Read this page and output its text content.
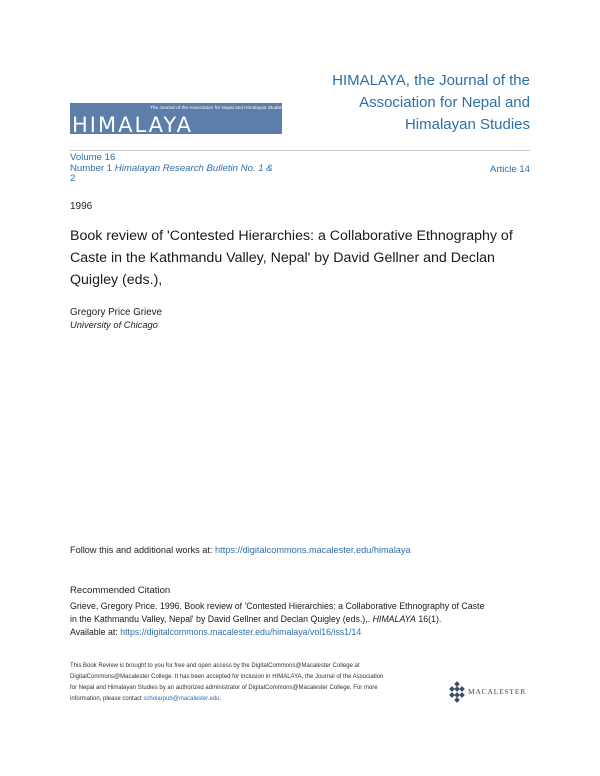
The Journal of the Association for Nepal and Himalayan Studies
HIMALAYA
HIMALAYA, the Journal of the
Association for Nepal and
Himalayan Studies
Volume 16
Number 1 Himalayan Research Bulletin No. 1 &
2
Article 14
1996
Book review of 'Contested Hierarchies: a Collaborative Ethnography of Caste in the Kathmandu Valley, Nepal' by David Gellner and Declan Quigley (eds.),
Gregory Price Grieve
University of Chicago
Follow this and additional works at: https://digitalcommons.macalester.edu/himalaya
Recommended Citation
Grieve, Gregory Price. 1996. Book review of 'Contested Hierarchies: a Collaborative Ethnography of Caste
in the Kathmandu Valley, Nepal' by David Gellner and Declan Quigley (eds.),. HIMALAYA 16(1).
Available at: https://digitalcommons.macalester.edu/himalaya/vol16/iss1/14
This Book Review is brought to you for free and open access by the DigitalCommons@Macalester College at
DigitalCommons@Macalester College. It has been accepted for inclusion in HIMALAYA, the Journal of the Association
for Nepal and Himalayan Studies by an authorized administrator of DigitalCommons@Macalester College. For more
information, please contact scholarpub@macalester.edu.
MACALESTER
